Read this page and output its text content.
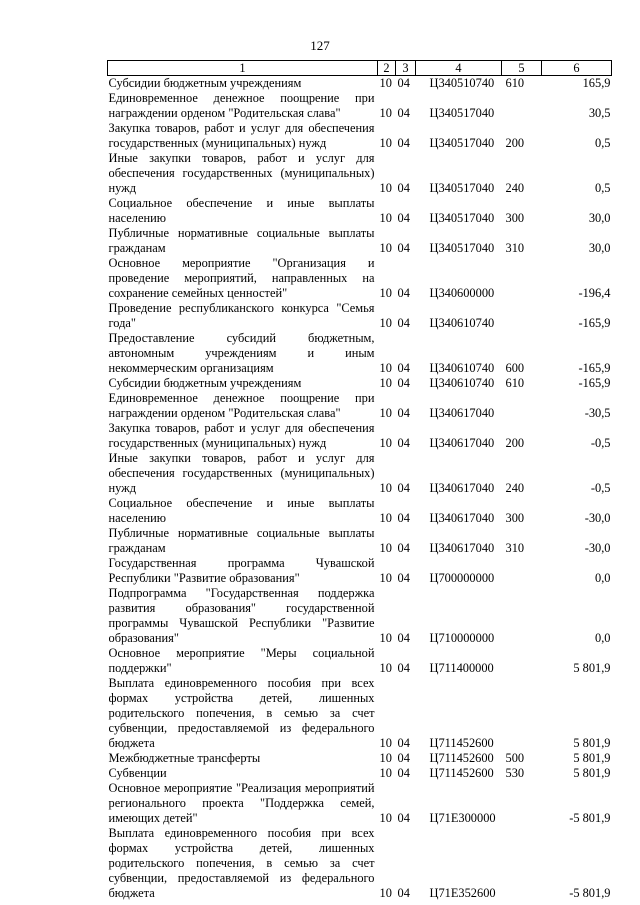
127
1	2	3	4	5	6
Субсидии бюджетным учреждениям	10	04	Ц340510740	610	165,9
Единовременное денежное поощрение при награждении орденом "Родительская слава"	10	04	Ц340517040		30,5
Закупка товаров, работ и услуг для обеспечения государственных (муниципальных) нужд	10	04	Ц340517040	200	0,5
Иные закупки товаров, работ и услуг для обеспечения государственных (муниципальных) нужд	10	04	Ц340517040	240	0,5
Социальное обеспечение и иные выплаты населению	10	04	Ц340517040	300	30,0
Публичные нормативные социальные выплаты гражданам	10	04	Ц340517040	310	30,0
Основное мероприятие "Организация и проведение мероприятий, направленных на сохранение семейных ценностей"	10	04	Ц340600000		-196,4
Проведение республиканского конкурса "Семья года"	10	04	Ц340610740		-165,9
Предоставление субсидий бюджетным, автономным учреждениям и иным некоммерческим организациям	10	04	Ц340610740	600	-165,9
Субсидии бюджетным учреждениям	10	04	Ц340610740	610	-165,9
Единовременное денежное поощрение при награждении орденом "Родительская слава"	10	04	Ц340617040		-30,5
Закупка товаров, работ и услуг для обеспечения государственных (муниципальных) нужд	10	04	Ц340617040	200	-0,5
Иные закупки товаров, работ и услуг для обеспечения государственных (муниципальных) нужд	10	04	Ц340617040	240	-0,5
Социальное обеспечение и иные выплаты населению	10	04	Ц340617040	300	-30,0
Публичные нормативные социальные выплаты гражданам	10	04	Ц340617040	310	-30,0
Государственная программа Чувашской Республики "Развитие образования"	10	04	Ц700000000		0,0
Подпрограмма "Государственная поддержка развития образования" государственной программы Чувашской Республики "Развитие образования"	10	04	Ц710000000		0,0
Основное мероприятие "Меры социальной поддержки"	10	04	Ц711400000		5 801,9
Выплата единовременного пособия при всех формах устройства детей, лишенных родительского попечения, в семью за счет субвенции, предоставляемой из федерального бюджета	10	04	Ц711452600		5 801,9
Межбюджетные трансферты	10	04	Ц711452600	500	5 801,9
Субвенции	10	04	Ц711452600	530	5 801,9
Основное мероприятие "Реализация мероприятий регионального проекта "Поддержка семей, имеющих детей"	10	04	Ц71Е300000		-5 801,9
Выплата единовременного пособия при всех формах устройства детей, лишенных родительского попечения, в семью за счет субвенции, предоставляемой из федерального бюджета	10	04	Ц71Е352600		-5 801,9
